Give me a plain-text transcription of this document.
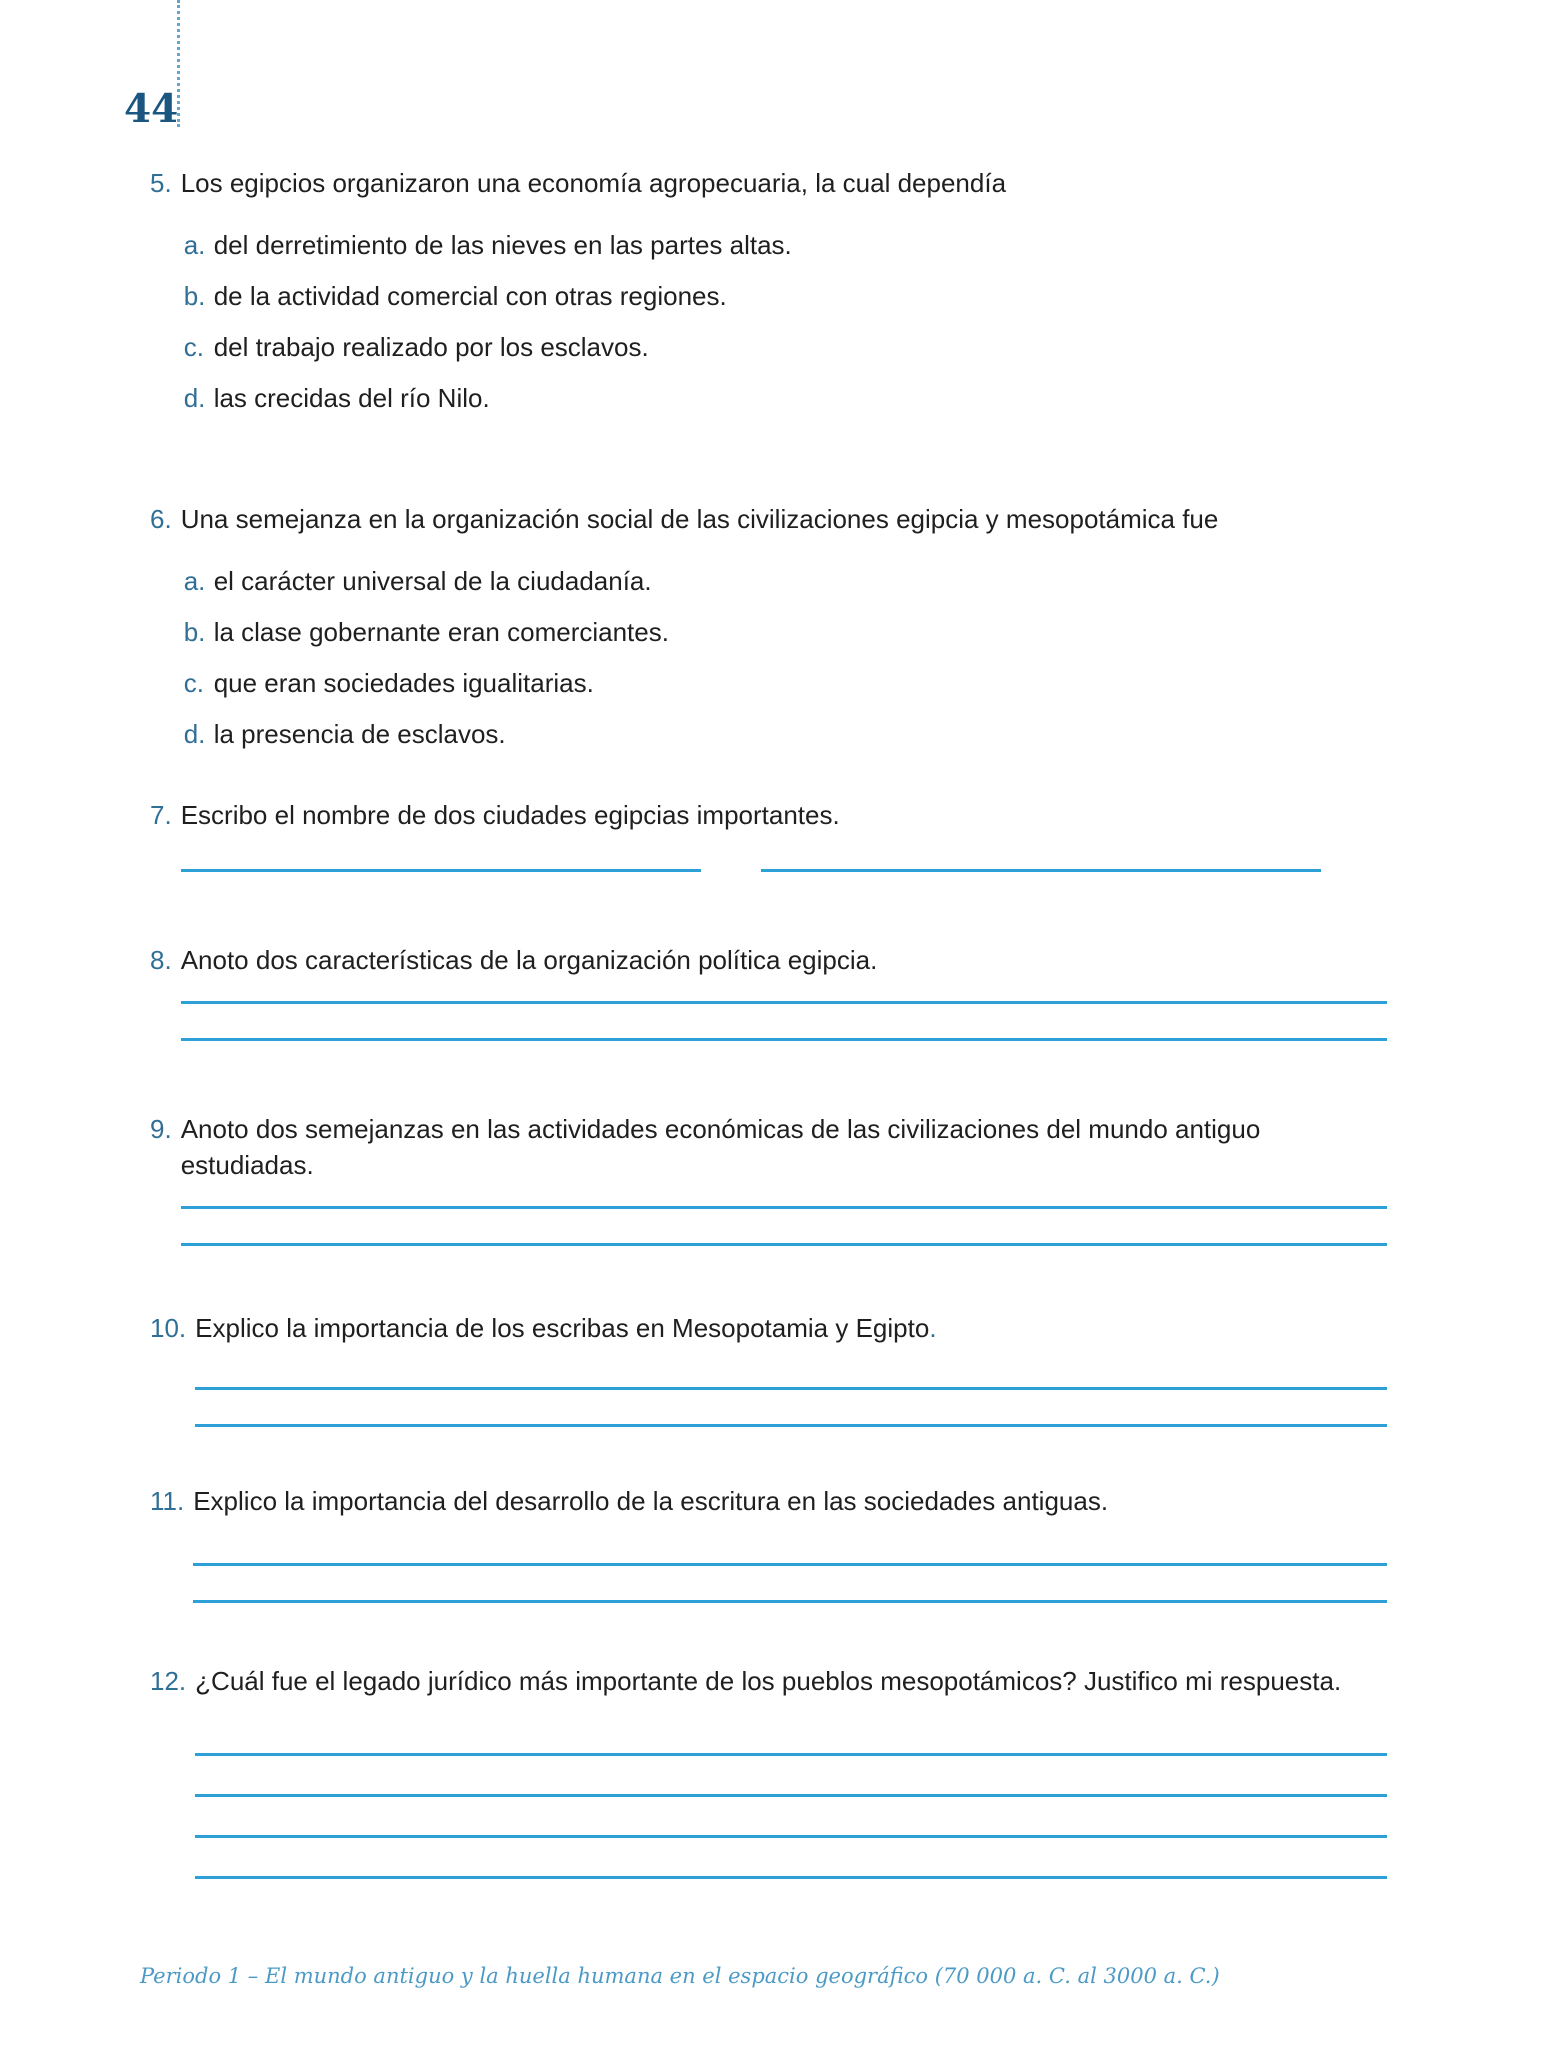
44
5. Los egipcios organizaron una economía agropecuaria, la cual dependía
a. del derretimiento de las nieves en las partes altas.
b. de la actividad comercial con otras regiones.
c. del trabajo realizado por los esclavos.
d. las crecidas del río Nilo.
6. Una semejanza en la organización social de las civilizaciones egipcia y mesopotámica fue
a. el carácter universal de la ciudadanía.
b. la clase gobernante eran comerciantes.
c. que eran sociedades igualitarias.
d. la presencia de esclavos.
7. Escribo el nombre de dos ciudades egipcias importantes.
8. Anoto dos características de la organización política egipcia.
9. Anoto dos semejanzas en las actividades económicas de las civilizaciones del mundo antiguo
estudiadas.
10. Explico la importancia de los escribas en Mesopotamia y Egipto.
11. Explico la importancia del desarrollo de la escritura en las sociedades antiguas.
12. ¿Cuál fue el legado jurídico más importante de los pueblos mesopotámicos? Justifico mi respuesta.
Periodo 1 – El mundo antiguo y la huella humana en el espacio geográfico (70 000 a. C. al 3000 a. C.)
